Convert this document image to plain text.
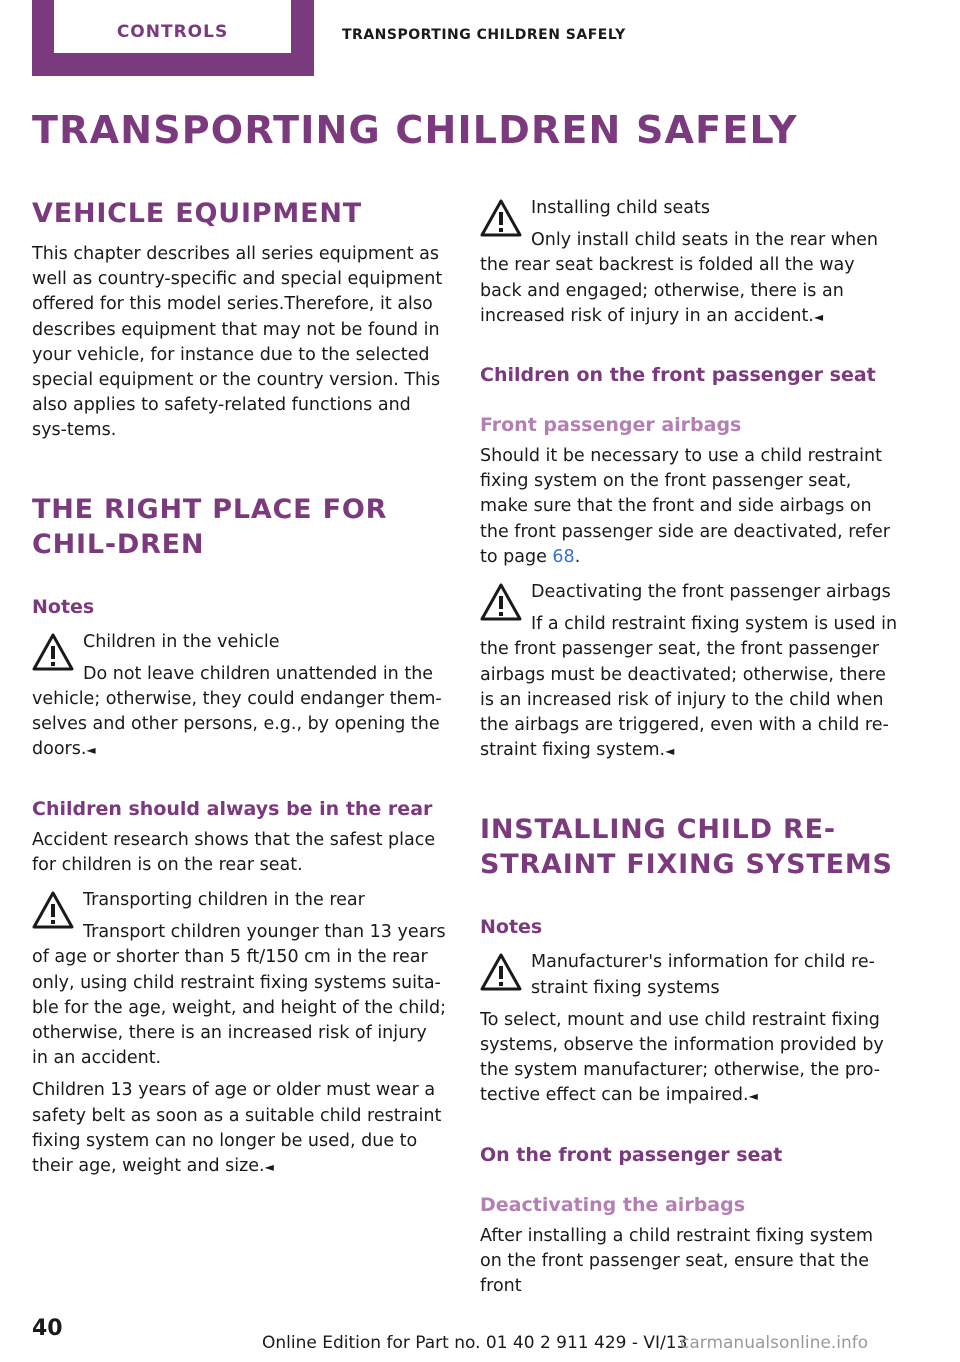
CONTROLS	TRANSPORTING CHILDREN SAFELY
TRANSPORTING CHILDREN SAFELY
VEHICLE EQUIPMENT

This chapter describes all series equipment as well as country-specific and special equipment offered for this model series.Therefore, it also describes equipment that may not be found in your vehicle, for instance due to the selected special equipment or the country version. This also applies to safety-related functions and sys-tems.

THE RIGHT PLACE FOR CHIL-DREN
Notes
Children in the vehicle
Do not leave children unattended in the vehicle; otherwise, they could endanger them-selves and other persons, e.g., by opening the doors.◄
Children should always be in the rear

Accident research shows that the safest place for children is on the rear seat.

Transporting children in the rear
Transport children younger than 13 years of age or shorter than 5 ft/150 cm in the rear only, using child restraint fixing systems suita-ble for the age, weight, and height of the child; otherwise, there is an increased risk of injury in an accident.

Children 13 years of age or older must wear a safety belt as soon as a suitable child restraint fixing system can no longer be used, due to their age, weight and size.◄

Installing child seats
Only install child seats in the rear when the rear seat backrest is folded all the way back and engaged; otherwise, there is an increased risk of injury in an accident.◄
Children on the front passenger seat
Front passenger airbags

Should it be necessary to use a child restraint fixing system on the front passenger seat, make sure that the front and side airbags on the front passenger side are deactivated, refer to page 68.

Deactivating the front passenger airbags
If a child restraint fixing system is used in the front passenger seat, the front passenger airbags must be deactivated; otherwise, there is an increased risk of injury to the child when the airbags are triggered, even with a child re-straint fixing system.◄
INSTALLING CHILD RE-STRAINT FIXING SYSTEMS
Notes
Manufacturer's information for child re-straint fixing systems
To select, mount and use child restraint fixing systems, observe the information provided by the system manufacturer; otherwise, the pro-tective effect can be impaired.◄
On the front passenger seat
Deactivating the airbags

After installing a child restraint fixing system on the front passenger seat, ensure that the front

40
Online Edition for Part no. 01 40 2 911 429 - VI/13
carmanualsonline.info
